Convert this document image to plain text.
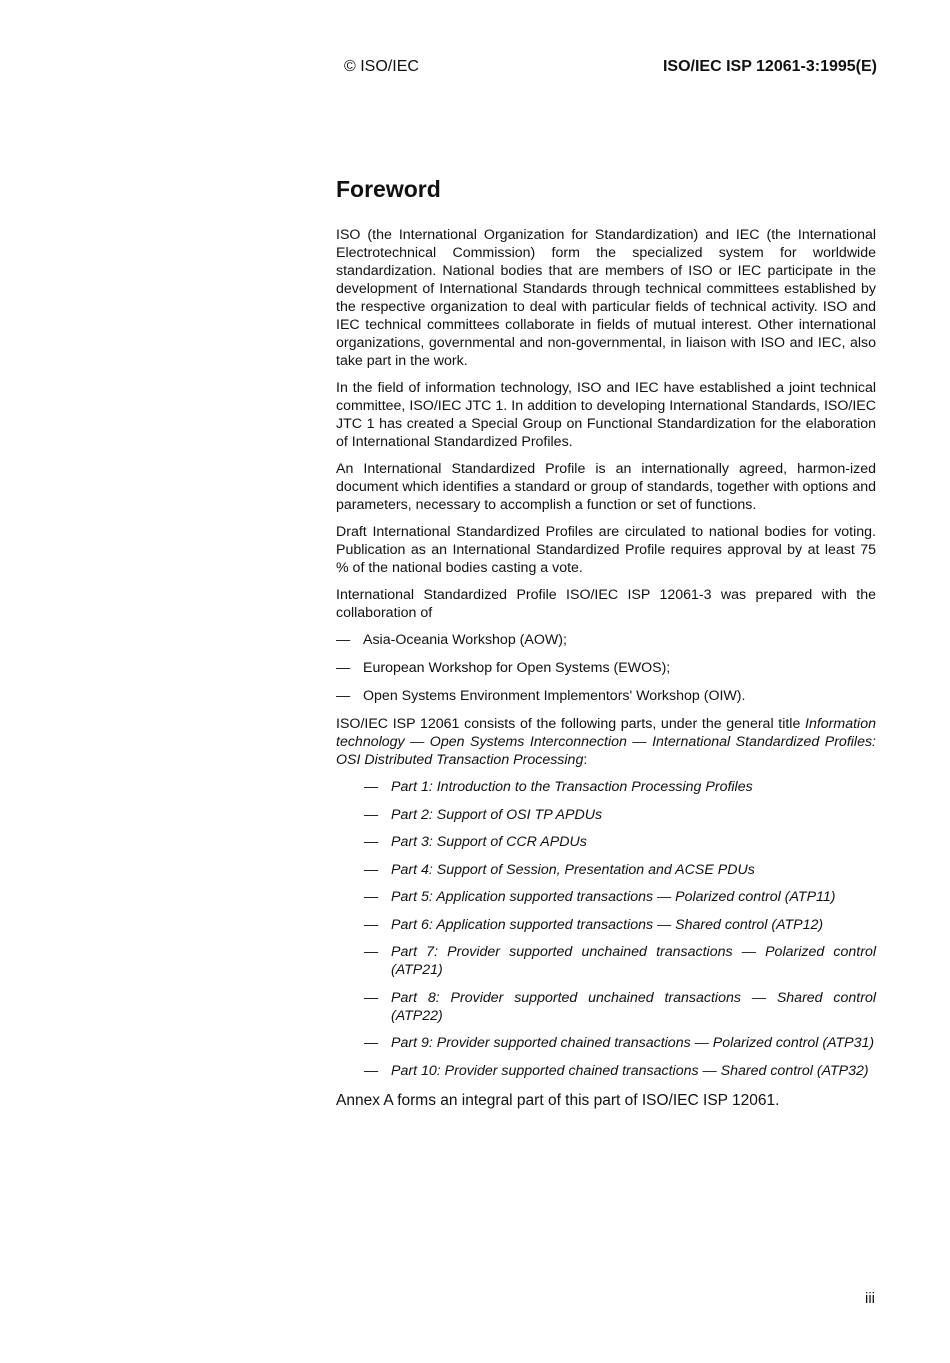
© ISO/IEC	ISO/IEC ISP 12061-3:1995(E)
Foreword

ISO (the International Organization for Standardization) and IEC (the International Electrotechnical Commission) form the specialized system for worldwide standardization. National bodies that are members of ISO or IEC participate in the development of International Standards through technical committees established by the respective organization to deal with particular fields of technical activity. ISO and IEC technical committees collaborate in fields of mutual interest. Other international organizations, governmental and non-governmental, in liaison with ISO and IEC, also take part in the work.

In the field of information technology, ISO and IEC have established a joint technical committee, ISO/IEC JTC 1. In addition to developing International Standards, ISO/IEC JTC 1 has created a Special Group on Functional Standardization for the elaboration of International Standardized Profiles.

An International Standardized Profile is an internationally agreed, harmon-ized document which identifies a standard or group of standards, together with options and parameters, necessary to accomplish a function or set of functions.

Draft International Standardized Profiles are circulated to national bodies for voting. Publication as an International Standardized Profile requires approval by at least 75 % of the national bodies casting a vote.

International Standardized Profile ISO/IEC ISP 12061-3 was prepared with the collaboration of

— Asia-Oceania Workshop (AOW);
— European Workshop for Open Systems (EWOS);
— Open Systems Environment Implementors' Workshop (OIW).

ISO/IEC ISP 12061 consists of the following parts, under the general title Information technology — Open Systems Interconnection — International Standardized Profiles: OSI Distributed Transaction Processing:

— Part 1: Introduction to the Transaction Processing Profiles
— Part 2: Support of OSI TP APDUs
— Part 3: Support of CCR APDUs
— Part 4: Support of Session, Presentation and ACSE PDUs
— Part 5: Application supported transactions — Polarized control (ATP11)
— Part 6: Application supported transactions — Shared control (ATP12)
— Part 7: Provider supported unchained transactions — Polarized control (ATP21)
— Part 8: Provider supported unchained transactions — Shared control (ATP22)
— Part 9: Provider supported chained transactions — Polarized control (ATP31)
— Part 10: Provider supported chained transactions — Shared control (ATP32)

Annex A forms an integral part of this part of ISO/IEC ISP 12061.

iii
